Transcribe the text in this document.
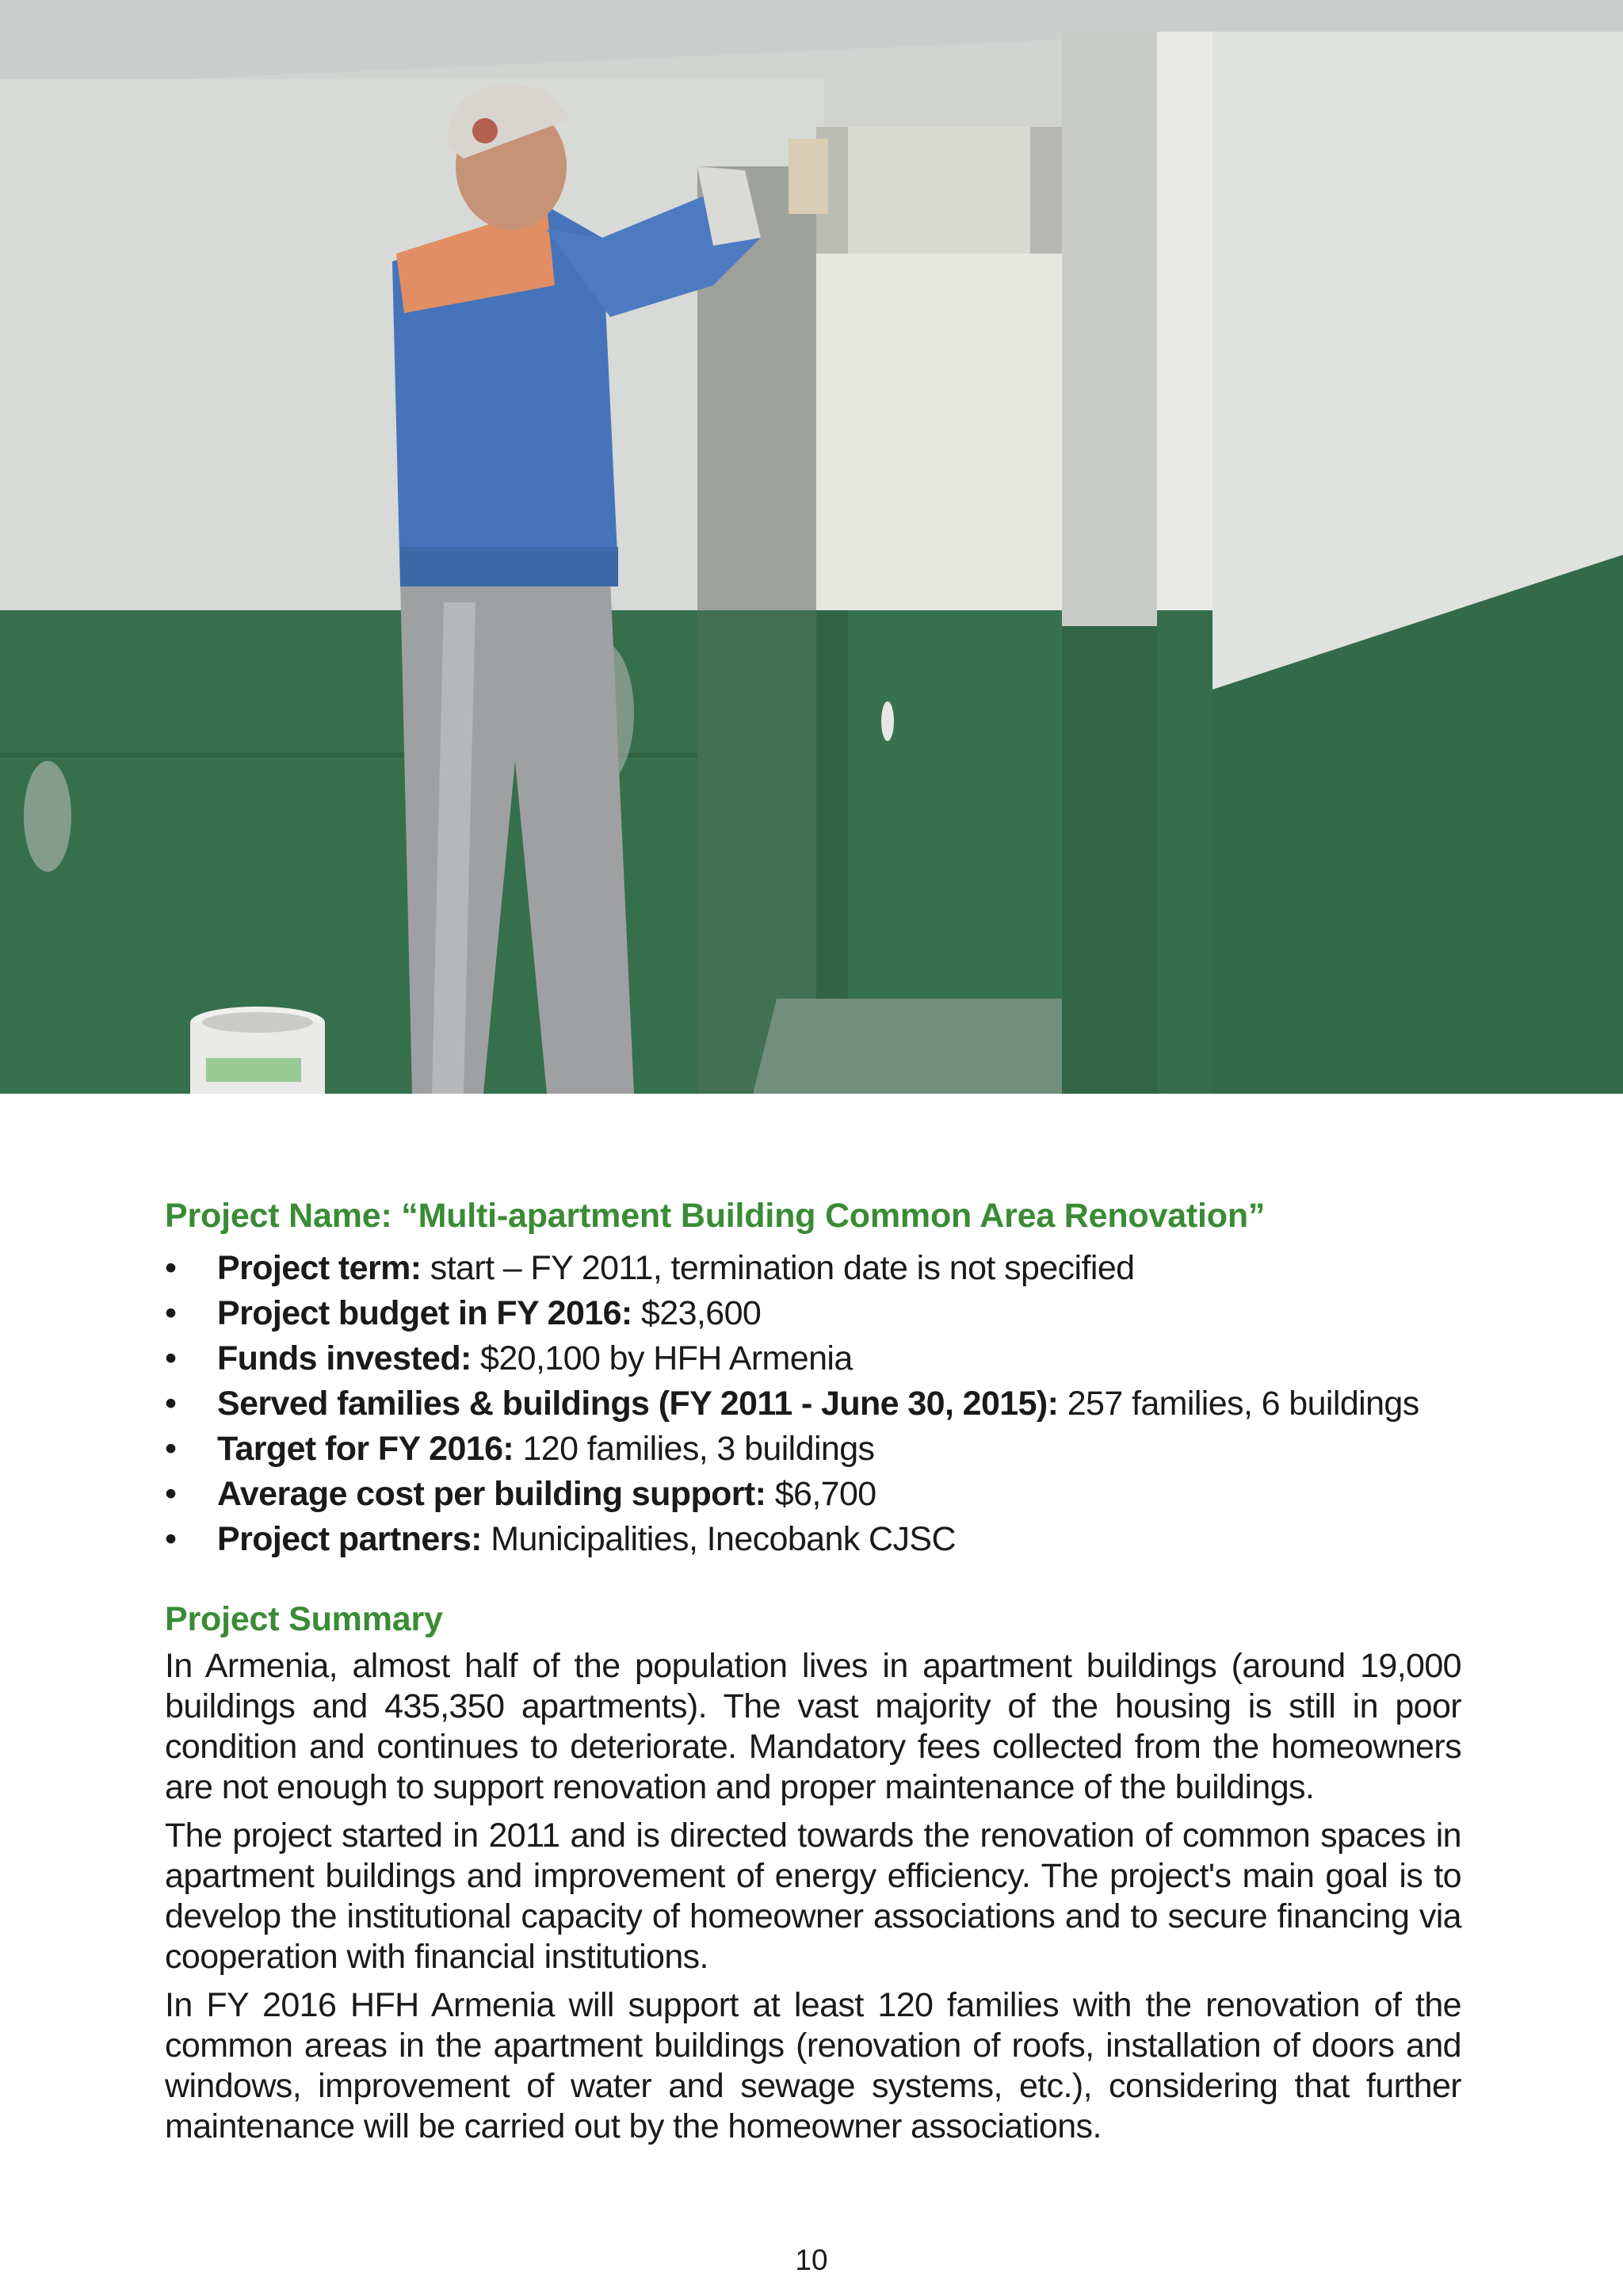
Project Name: “Multi-apartment Building Common Area Renovation”
• Project term: start – FY 2011, termination date is not specified
• Project budget in FY 2016: $23,600
• Funds invested: $20,100 by HFH Armenia
• Served families & buildings (FY 2011 - June 30, 2015): 257 families, 6 buildings
• Target for FY 2016: 120 families, 3 buildings
• Average cost per building support: $6,700
• Project partners: Municipalities, Inecobank CJSC
Project Summary

In Armenia, almost half of the population lives in apartment buildings (around 19,000 buildings and 435,350 apartments). The vast majority of the housing is still in poor condition and continues to deteriorate. Mandatory fees collected from the homeowners are not enough to support renovation and proper maintenance of the buildings.

The project started in 2011 and is directed towards the renovation of common spaces in apartment buildings and improvement of energy efficiency. The project's main goal is to develop the institutional capacity of homeowner associations and to secure financing via cooperation with financial institutions.

In FY 2016 HFH Armenia will support at least 120 families with the renovation of the common areas in the apartment buildings (renovation of roofs, installation of doors and windows, improvement of water and sewage systems, etc.), considering that further maintenance will be carried out by the homeowner associations.

10
